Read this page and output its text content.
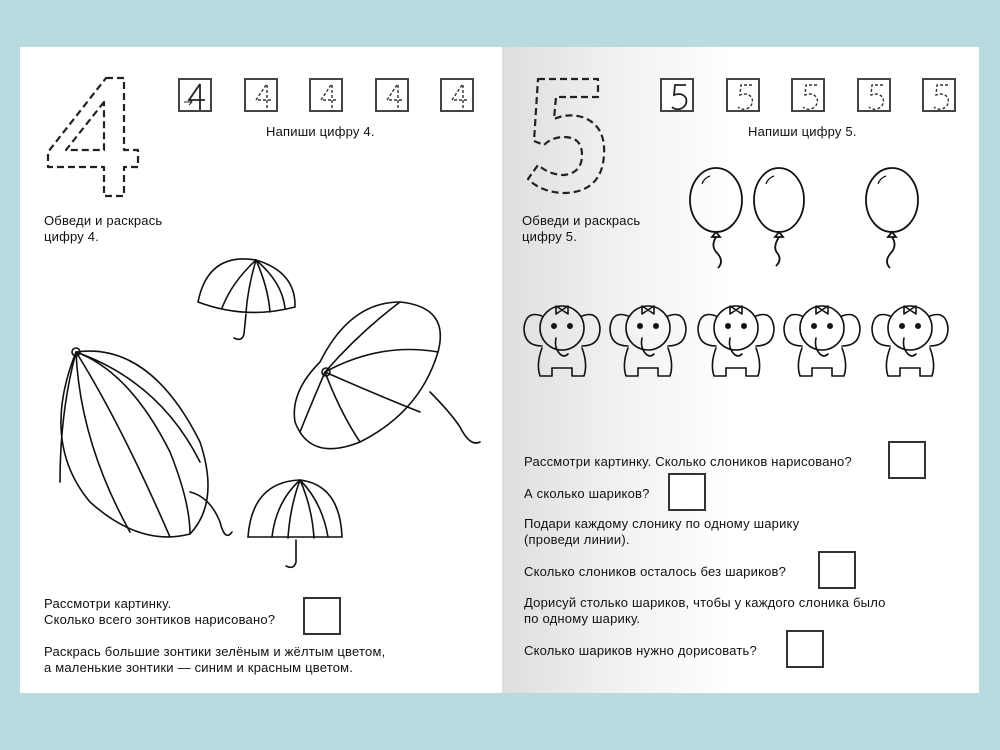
Напиши цифру 4.
Обведи и раскрась
цифру 4.
Рассмотри картинку.
Сколько всего зонтиков нарисовано?
Раскрась большие зонтики зелёным и жёлтым цветом,
а маленькие зонтики — синим и красным цветом.
Напиши цифру 5.
Обведи и раскрась
цифру 5.
Рассмотри картинку. Сколько слоников нарисовано?
А сколько шариков?
Подари каждому слонику по одному шарику
(проведи линии).
Сколько слоников осталось без шариков?
Дорисуй столько шариков, чтобы у каждого слоника было
по одному шарику.
Сколько шариков нужно дорисовать?
